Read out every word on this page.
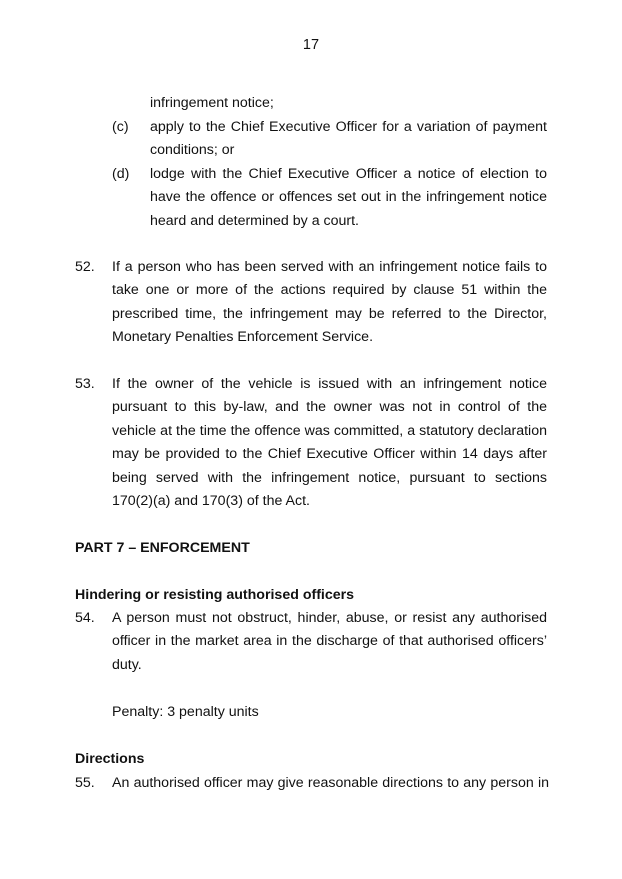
17
infringement notice;
(c) apply to the Chief Executive Officer for a variation of payment conditions; or
(d) lodge with the Chief Executive Officer a notice of election to have the offence or offences set out in the infringement notice heard and determined by a court.
52. If a person who has been served with an infringement notice fails to take one or more of the actions required by clause 51 within the prescribed time, the infringement may be referred to the Director, Monetary Penalties Enforcement Service.
53. If the owner of the vehicle is issued with an infringement notice pursuant to this by-law, and the owner was not in control of the vehicle at the time the offence was committed, a statutory declaration may be provided to the Chief Executive Officer within 14 days after being served with the infringement notice, pursuant to sections 170(2)(a) and 170(3) of the Act.
PART 7 – ENFORCEMENT
Hindering or resisting authorised officers
54. A person must not obstruct, hinder, abuse, or resist any authorised officer in the market area in the discharge of that authorised officers’ duty.
Penalty: 3 penalty units
Directions
55. An authorised officer may give reasonable directions to any person in
